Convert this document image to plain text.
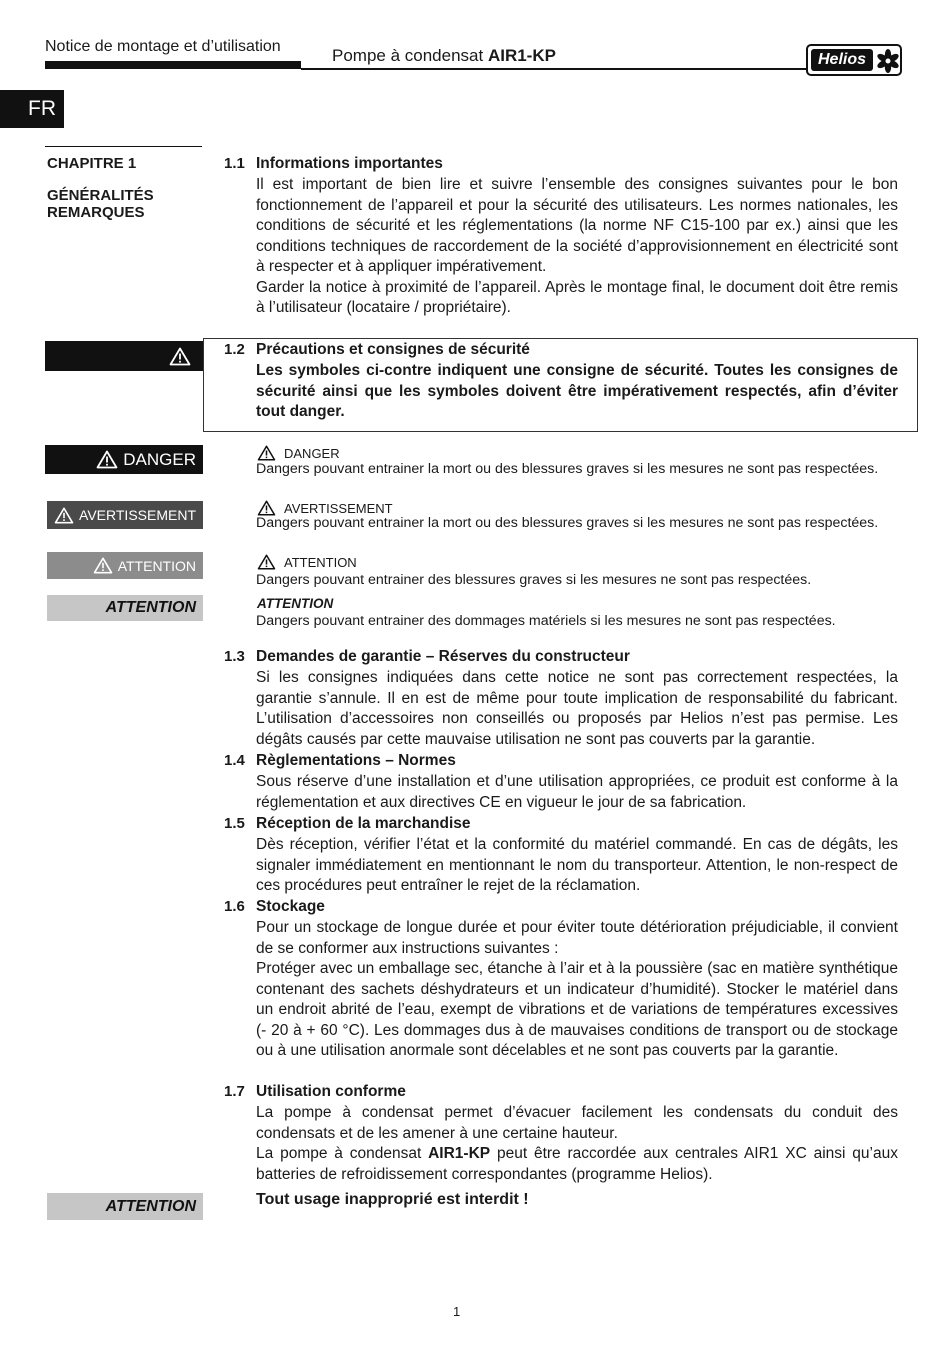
Notice de montage et d’utilisation	Pompe à condensat AIR1-KP	Helios
FR
CHAPITRE 1
GÉNÉRALITÉS
REMARQUES
DANGER
AVERTISSEMENT
ATTENTION
ATTENTION
ATTENTION
1.1 Informations importantes

Il est important de bien lire et suivre l’ensemble des consignes suivantes pour le bon fonctionnement de l’appareil et pour la sécurité des utilisateurs. Les normes nationales, les conditions de sécurité et les réglementations (la norme NF C15-100 par ex.) ainsi que les conditions techniques de raccordement de la société d’approvisionnement en électricité sont à respecter et à appliquer impérativement.

Garder la notice à proximité de l’appareil. Après le montage final, le document doit être remis à l’utilisateur (locataire / propriétaire).

1.2 Précautions et consignes de sécurité

Les symboles ci-contre indiquent une consigne de sécurité. Toutes les consignes de sécurité ainsi que les symboles doivent être impérativement respectés, afin d’éviter tout danger.

DANGER
Dangers pouvant entrainer la mort ou des blessures graves si les mesures ne sont pas respectées.
AVERTISSEMENT
Dangers pouvant entrainer la mort ou des blessures graves si les mesures ne sont pas respectées.
ATTENTION
Dangers pouvant entrainer des blessures graves si les mesures ne sont pas respectées.
ATTENTION
Dangers pouvant entrainer des dommages matériels si les mesures ne sont pas respectées.
1.3 Demandes de garantie – Réserves du constructeur

Si les consignes indiquées dans cette notice ne sont pas correctement respectées, la garantie s’annule. Il en est de même pour toute implication de responsabilité du fabricant. L’utilisation d’accessoires non conseillés ou proposés par Helios n’est pas permise. Les dégâts causés par cette mauvaise utilisation ne sont pas couverts par la garantie.

1.4 Règlementations – Normes

Sous réserve d’une installation et d’une utilisation appropriées, ce produit est conforme à la réglementation et aux directives CE en vigueur le jour de sa fabrication.

1.5 Réception de la marchandise

Dès réception, vérifier l’état et la conformité du matériel commandé. En cas de dégâts, les signaler immédiatement en mentionnant le nom du transporteur. Attention, le non-respect de ces procédures peut entraîner le rejet de la réclamation.

1.6 Stockage

Pour un stockage de longue durée et pour éviter toute détérioration préjudiciable, il convient de se conformer aux instructions suivantes :

Protéger avec un emballage sec, étanche à l’air et à la poussière (sac en matière synthétique contenant des sachets déshydrateurs et un indicateur d’humidité). Stocker le matériel dans un endroit abrité de l’eau, exempt de vibrations et de variations de températures excessives (- 20 à + 60 °C). Les dommages dus à de mauvaises conditions de transport ou de stockage ou à une utilisation anormale sont décelables et ne sont pas couverts par la garantie.

1.7 Utilisation conforme

La pompe à condensat permet d’évacuer facilement les condensats du conduit des condensats et de les amener à une certaine hauteur.

La pompe à condensat AIR1-KP peut être raccordée aux centrales AIR1 XC ainsi qu’aux batteries de refroidissement correspondantes (programme Helios).

Tout usage inapproprié est interdit !
1
